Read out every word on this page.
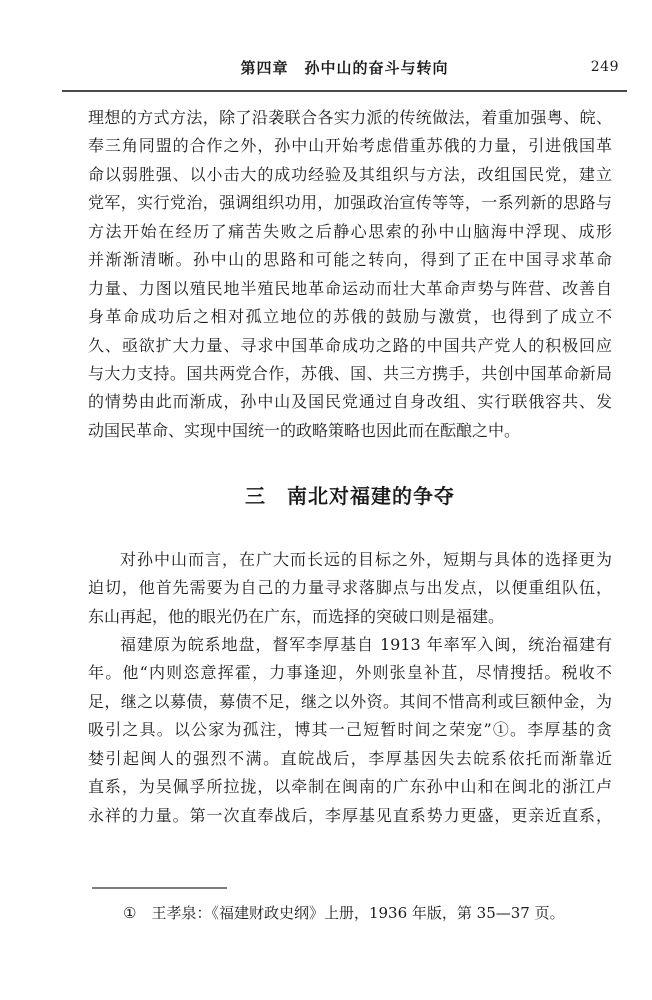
第四章　孙中山的奋斗与转向	249
理想的方式方法，除了沿袭联合各实力派的传统做法，着重加强粤、皖、
奉三角同盟的合作之外，孙中山开始考虑借重苏俄的力量，引进俄国革
命以弱胜强、以小击大的成功经验及其组织与方法，改组国民党，建立
党军，实行党治，强调组织功用，加强政治宣传等等，一系列新的思路与
方法开始在经历了痛苦失败之后静心思索的孙中山脑海中浮现、成形
并渐渐清晰。孙中山的思路和可能之转向，得到了正在中国寻求革命
力量、力图以殖民地半殖民地革命运动而壮大革命声势与阵营、改善自
身革命成功后之相对孤立地位的苏俄的鼓励与激赏，也得到了成立不
久、亟欲扩大力量、寻求中国革命成功之路的中国共产党人的积极回应
与大力支持。国共两党合作，苏俄、国、共三方携手，共创中国革命新局
的情势由此而渐成，孙中山及国民党通过自身改组、实行联俄容共、发
动国民革命、实现中国统一的政略策略也因此而在酝酿之中。
三　南北对福建的争夺
对孙中山而言，在广大而长远的目标之外，短期与具体的选择更为
迫切，他首先需要为自己的力量寻求落脚点与出发点，以便重组队伍，
东山再起，他的眼光仍在广东，而选择的突破口则是福建。
福建原为皖系地盘，督军李厚基自 1913 年率军入闽，统治福建有
年。他“内则恣意挥霍，力事逢迎，外则张皇补苴，尽情搜括。税收不
足，继之以募债，募债不足，继之以外资。其间不惜高利或巨额仲金，为
吸引之具。以公家为孤注，博其一己短暂时间之荣宠”①。李厚基的贪
婪引起闽人的强烈不满。直皖战后，李厚基因失去皖系依托而渐靠近
直系，为吴佩孚所拉拢，以牵制在闽南的广东孙中山和在闽北的浙江卢
永祥的力量。第一次直奉战后，李厚基见直系势力更盛，更亲近直系，
① 王孝泉：《福建财政史纲》上册，1936 年版，第 35—37 页。
